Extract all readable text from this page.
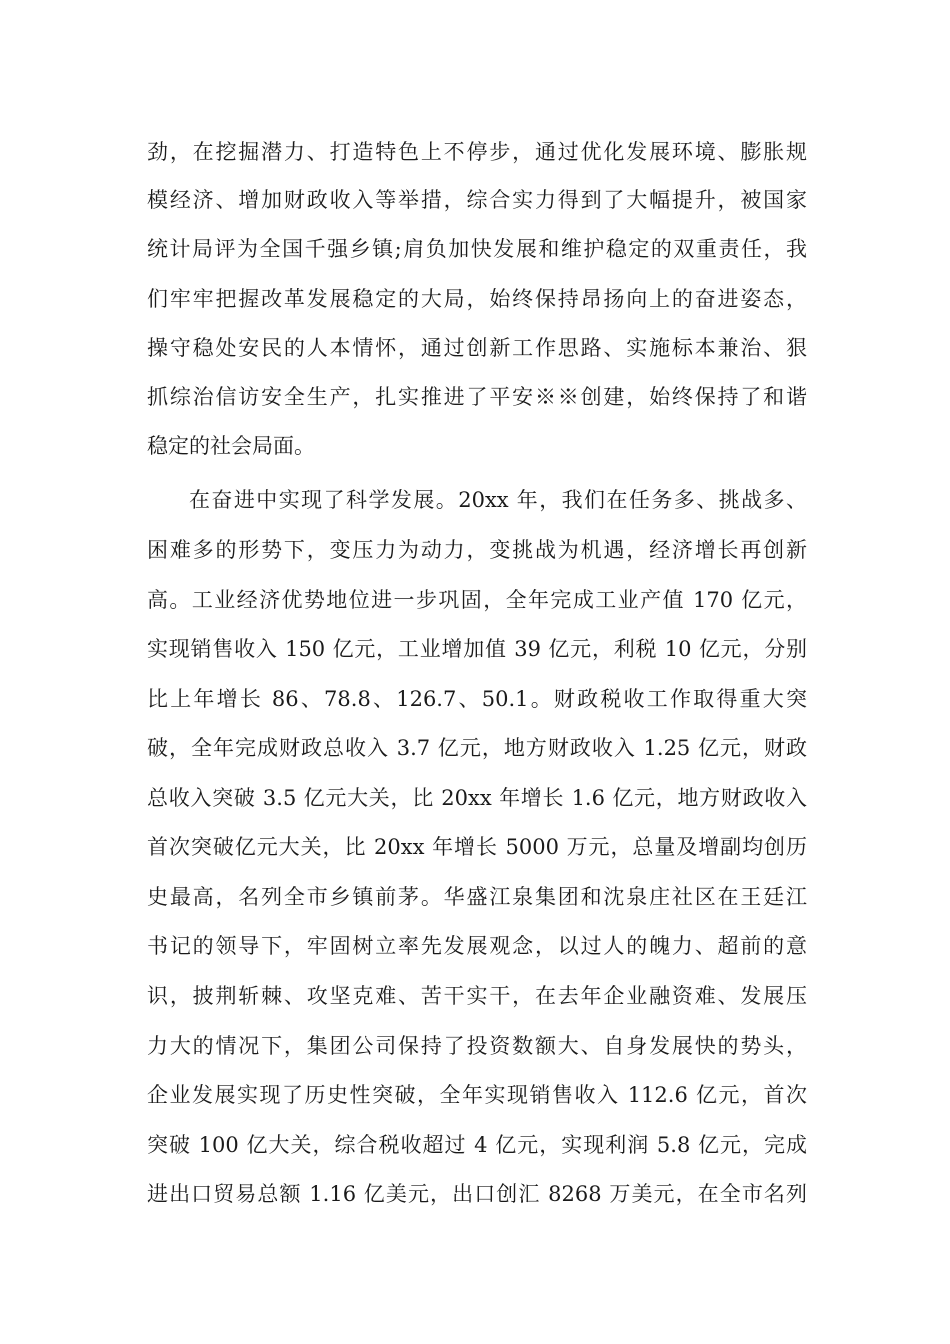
劲，在挖掘潜力、打造特色上不停步，通过优化发展环境、膨胀规
模经济、增加财政收入等举措，综合实力得到了大幅提升，被国家
统计局评为全国千强乡镇;肩负加快发展和维护稳定的双重责任，我
们牢牢把握改革发展稳定的大局，始终保持昂扬向上的奋进姿态，
操守稳处安民的人本情怀，通过创新工作思路、实施标本兼治、狠
抓综治信访安全生产，扎实推进了平安※※创建，始终保持了和谐
稳定的社会局面。
在奋进中实现了科学发展。20xx 年，我们在任务多、挑战多、
困难多的形势下，变压力为动力，变挑战为机遇，经济增长再创新
高。工业经济优势地位进一步巩固，全年完成工业产值 170 亿元，
实现销售收入 150 亿元，工业增加值 39 亿元，利税 10 亿元，分别
比上年增长 86、78.8、126.7、50.1。财政税收工作取得重大突
破，全年完成财政总收入 3.7 亿元，地方财政收入 1.25 亿元，财政
总收入突破 3.5 亿元大关，比 20xx 年增长 1.6 亿元，地方财政收入
首次突破亿元大关，比 20xx 年增长 5000 万元，总量及增副均创历
史最高，名列全市乡镇前茅。华盛江泉集团和沈泉庄社区在王廷江
书记的领导下，牢固树立率先发展观念，以过人的魄力、超前的意
识，披荆斩棘、攻坚克难、苦干实干，在去年企业融资难、发展压
力大的情况下，集团公司保持了投资数额大、自身发展快的势头，
企业发展实现了历史性突破，全年实现销售收入 112.6 亿元，首次
突破 100 亿大关，综合税收超过 4 亿元，实现利润 5.8 亿元，完成
进出口贸易总额 1.16 亿美元，出口创汇 8268 万美元，在全市名列
